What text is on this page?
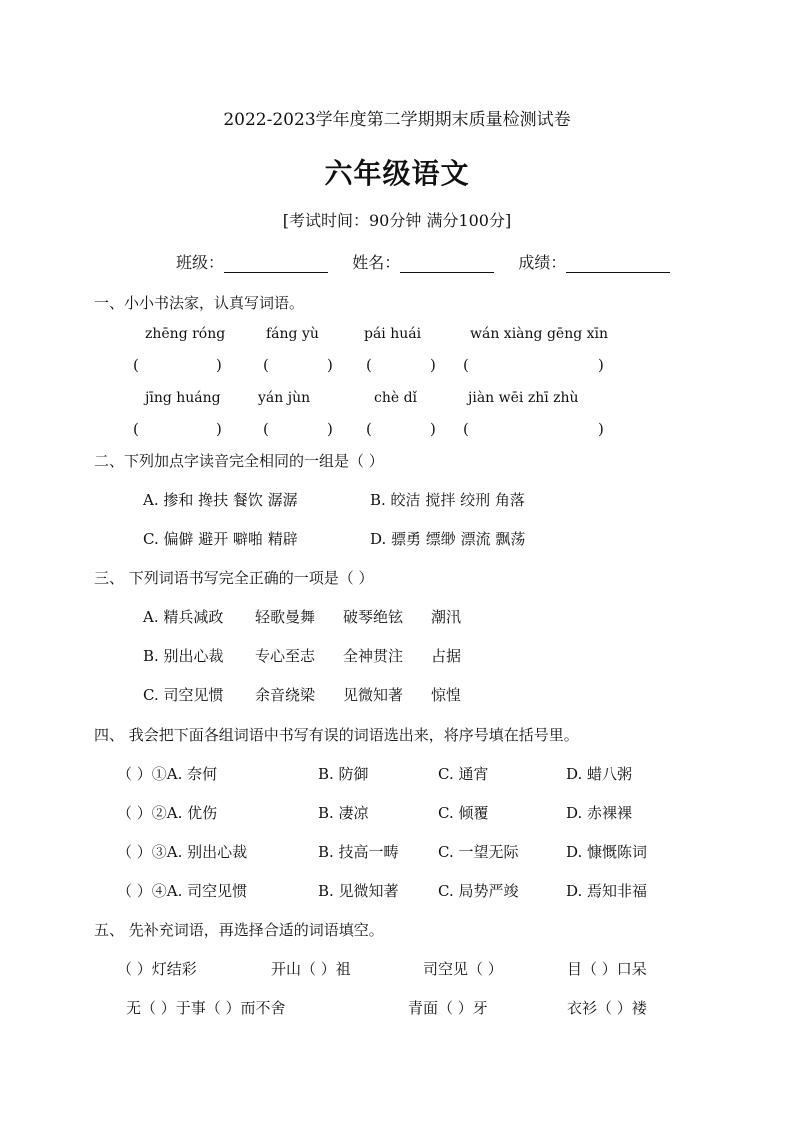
2022-2023学年度第二学期期末质量检测试卷
六年级语文
[考试时间：90分钟 满分100分]
班级：	姓名：	成绩：
一、小小书法家，认真写词语。
zhēng róng	fáng yù	pái huái	wán xiàng gēng xīn
(	)	(	) (	) (	)
jīng huáng	yán jùn	chè dǐ	jiàn wēi zhī zhù
(	)	(	) (	) (	)
二、下列加点字读音完全相同的一组是（ ）
A. 掺和 搀扶 餐饮 潺潺	B. 皎洁 搅拌 绞刑 角落
C. 偏僻 避开 噼啪 精辟	D. 骠勇 缥缈 漂流 飘荡
三、 下列词语书写完全正确的一项是（ ）
A. 精兵减政 轻歌曼舞 破琴绝铉 潮汛
B. 别出心裁 专心至志 全神贯注 占据
C. 司空见惯 余音绕梁 见微知著 惊惶
四、 我会把下面各组词语中书写有误的词语选出来，将序号填在括号里。
（ ）①A. 奈何	B. 防御	C. 通宵	D. 蜡八粥
（ ）②A. 优伤	B. 凄凉	C. 倾覆	D. 赤裸裸
（ ）③A. 别出心裁	B. 技高一畴	C. 一望无际	D. 慷慨陈词
（ ）④A. 司空见惯	B. 见微知著	C. 局势严竣	D. 焉知非福
五、 先补充词语，再选择合适的词语填空。
（ ）灯结彩	开山（ ）祖	司空见（ ）	目（ ）口呆
无（ ）于事（ ）而不舍	青面（ ）牙	衣衫（ ）褛
